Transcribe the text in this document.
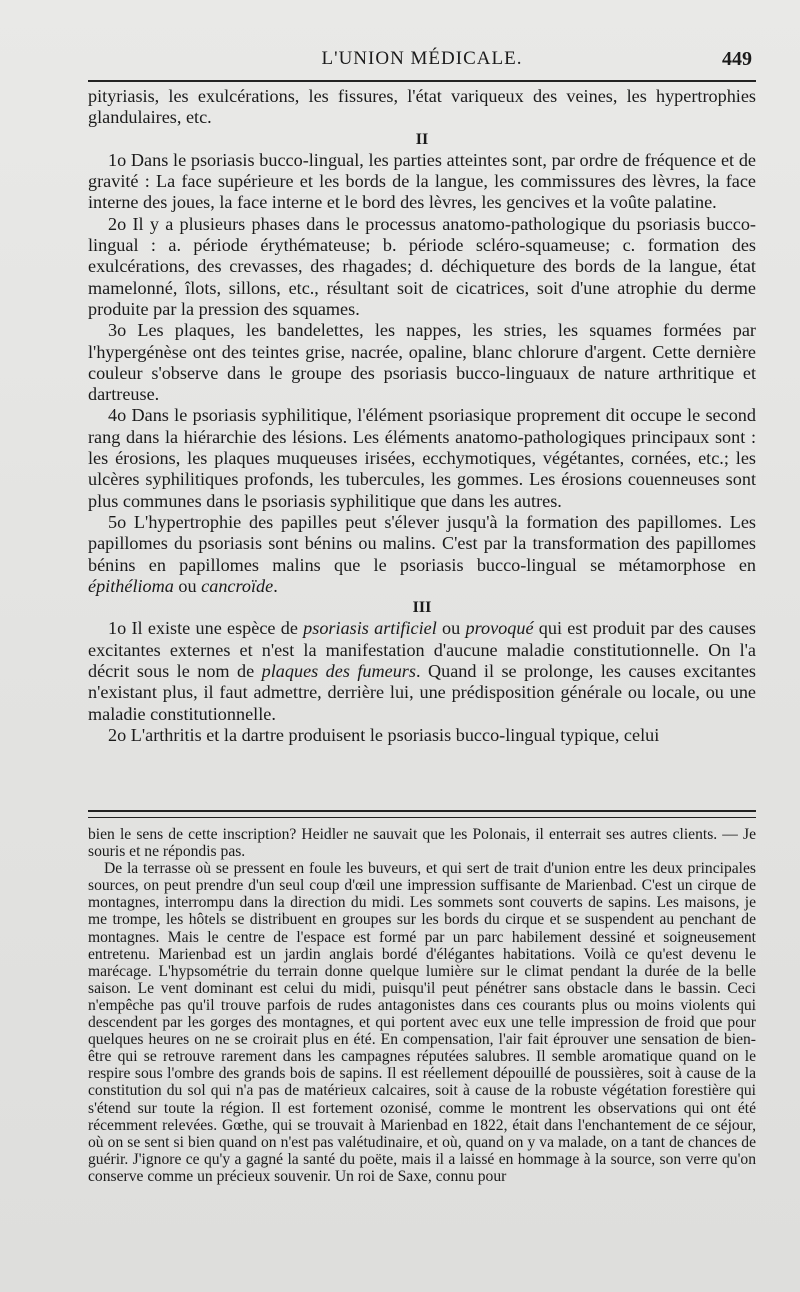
L'UNION MÉDICALE.	449

pityriasis, les exulcérations, les fissures, l'état variqueux des veines, les hypertrophies glandulaires, etc.

II

1o Dans le psoriasis bucco-lingual, les parties atteintes sont, par ordre de fréquence et de gravité : La face supérieure et les bords de la langue, les commissures des lèvres, la face interne des joues, la face interne et le bord des lèvres, les gencives et la voûte palatine.

2o Il y a plusieurs phases dans le processus anatomo-pathologique du psoriasis bucco-lingual : a. période érythémateuse; b. période scléro-squameuse; c. formation des exulcérations, des crevasses, des rhagades; d. déchiqueture des bords de la langue, état mamelonné, îlots, sillons, etc., résultant soit de cicatrices, soit d'une atrophie du derme produite par la pression des squames.

3o Les plaques, les bandelettes, les nappes, les stries, les squames formées par l'hypergénèse ont des teintes grise, nacrée, opaline, blanc chlorure d'argent. Cette dernière couleur s'observe dans le groupe des psoriasis bucco-linguaux de nature arthritique et dartreuse.

4o Dans le psoriasis syphilitique, l'élément psoriasique proprement dit occupe le second rang dans la hiérarchie des lésions. Les éléments anatomo-pathologiques principaux sont : les érosions, les plaques muqueuses irisées, ecchymotiques, végétantes, cornées, etc.; les ulcères syphilitiques profonds, les tubercules, les gommes. Les érosions couenneuses sont plus communes dans le psoriasis syphilitique que dans les autres.

5o L'hypertrophie des papilles peut s'élever jusqu'à la formation des papillomes. Les papillomes du psoriasis sont bénins ou malins. C'est par la transformation des papillomes bénins en papillomes malins que le psoriasis bucco-lingual se métamorphose en épithélioma ou cancroïde.

III

1o Il existe une espèce de psoriasis artificiel ou provoqué qui est produit par des causes excitantes externes et n'est la manifestation d'aucune maladie constitutionnelle. On l'a décrit sous le nom de plaques des fumeurs. Quand il se prolonge, les causes excitantes n'existant plus, il faut admettre, derrière lui, une prédisposition générale ou locale, ou une maladie constitutionnelle.

2o L'arthritis et la dartre produisent le psoriasis bucco-lingual typique, celui

bien le sens de cette inscription? Heidler ne sauvait que les Polonais, il enterrait ses autres clients. — Je souris et ne répondis pas.

De la terrasse où se pressent en foule les buveurs, et qui sert de trait d'union entre les deux principales sources, on peut prendre d'un seul coup d'œil une impression suffisante de Marienbad. C'est un cirque de montagnes, interrompu dans la direction du midi. Les sommets sont couverts de sapins. Les maisons, je me trompe, les hôtels se distribuent en groupes sur les bords du cirque et se suspendent au penchant de montagnes. Mais le centre de l'espace est formé par un parc habilement dessiné et soigneusement entretenu. Marienbad est un jardin anglais bordé d'élégantes habitations. Voilà ce qu'est devenu le marécage. L'hypsométrie du terrain donne quelque lumière sur le climat pendant la durée de la belle saison. Le vent dominant est celui du midi, puisqu'il peut pénétrer sans obstacle dans le bassin. Ceci n'empêche pas qu'il trouve parfois de rudes antagonistes dans ces courants plus ou moins violents qui descendent par les gorges des montagnes, et qui portent avec eux une telle impression de froid que pour quelques heures on ne se croirait plus en été. En compensation, l'air fait éprouver une sensation de bien-être qui se retrouve rarement dans les campagnes réputées salubres. Il semble aromatique quand on le respire sous l'ombre des grands bois de sapins. Il est réellement dépouillé de poussières, soit à cause de la constitution du sol qui n'a pas de matérieux calcaires, soit à cause de la robuste végétation forestière qui s'étend sur toute la région. Il est fortement ozonisé, comme le montrent les observations qui ont été récemment relevées. Gœthe, qui se trouvait à Marienbad en 1822, était dans l'enchantement de ce séjour, où on se sent si bien quand on n'est pas valétudinaire, et où, quand on y va malade, on a tant de chances de guérir. J'ignore ce qu'y a gagné la santé du poëte, mais il a laissé en hommage à la source, son verre qu'on conserve comme un précieux souvenir. Un roi de Saxe, connu pour
